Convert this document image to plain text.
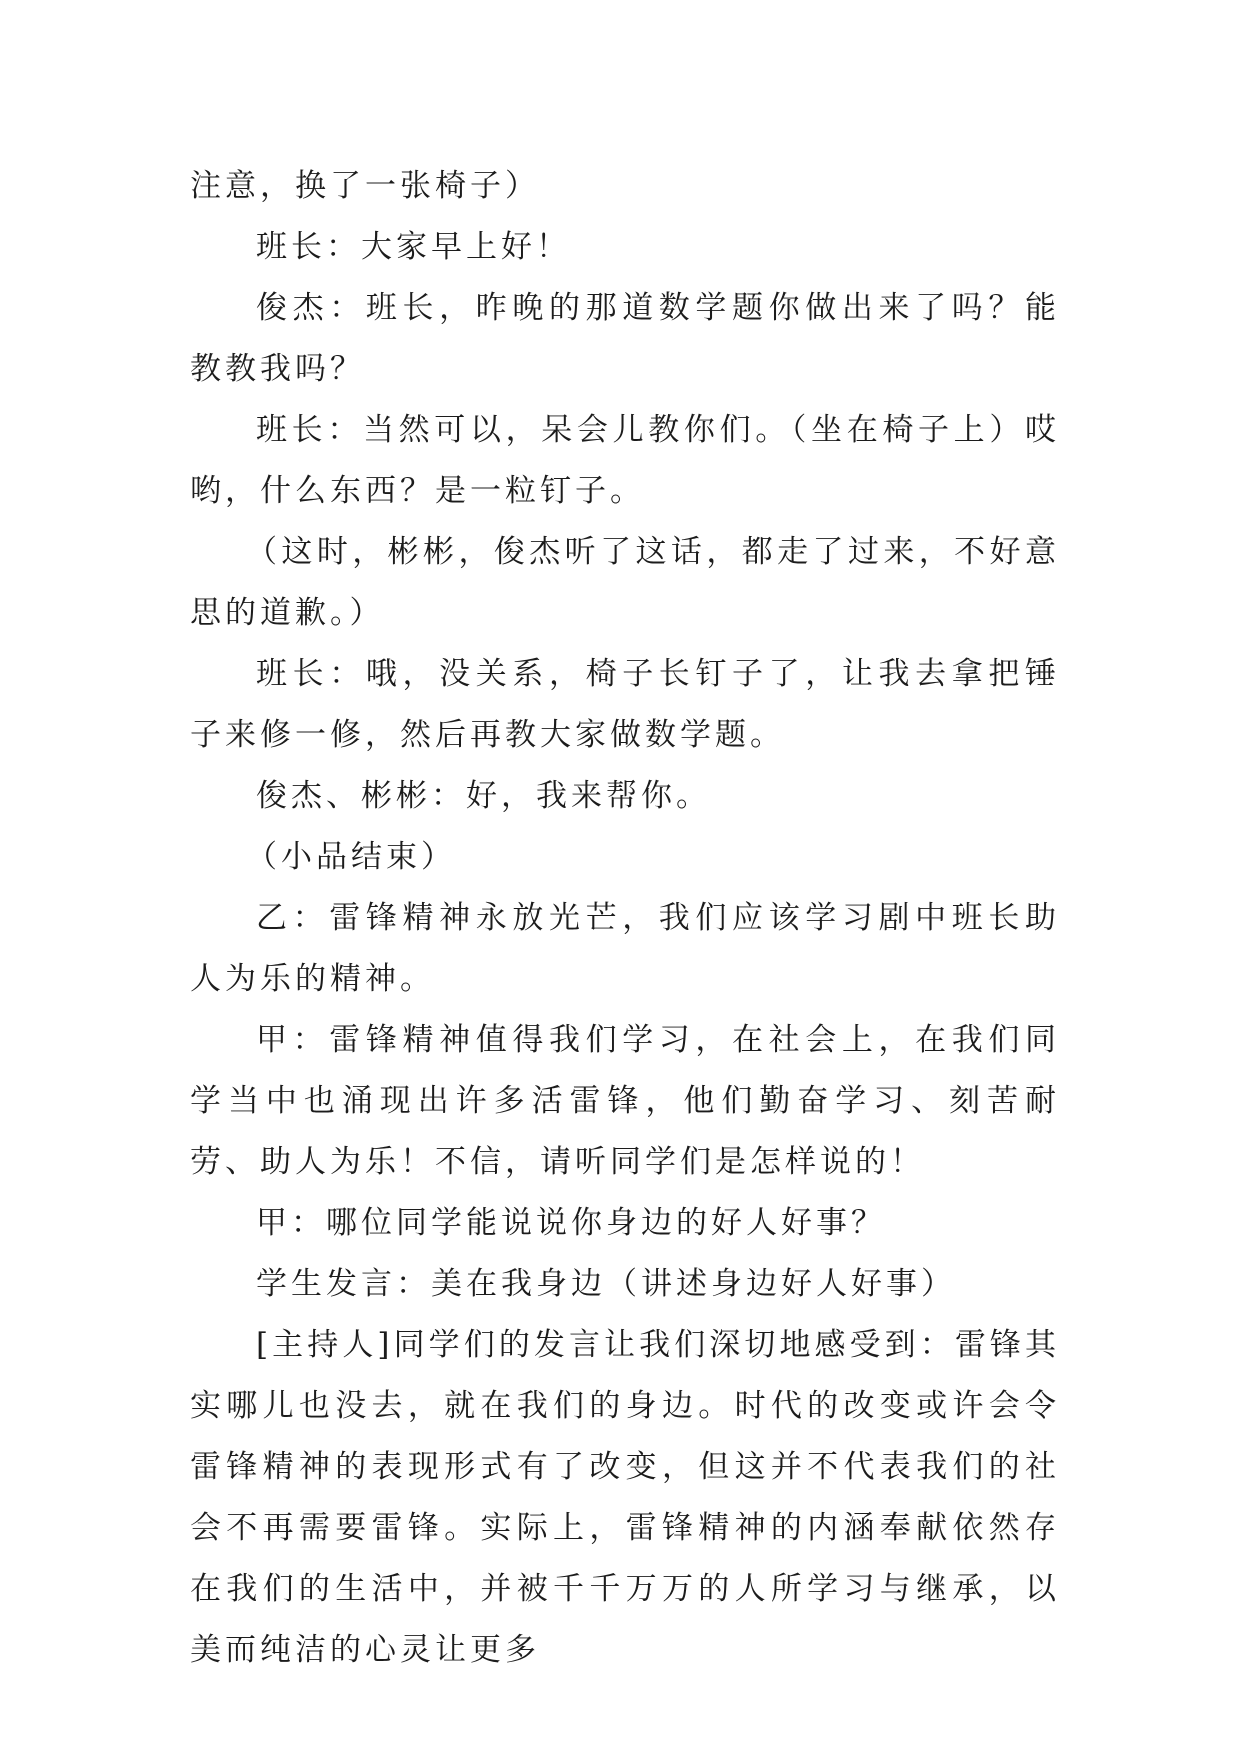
注意，换了一张椅子）

班长：大家早上好！

俊杰：班长，昨晚的那道数学题你做出来了吗？能教教我吗？

班长：当然可以，呆会儿教你们。（坐在椅子上）哎哟，什么东西？是一粒钉子。

（这时，彬彬，俊杰听了这话，都走了过来，不好意思的道歉。）

班长：哦，没关系，椅子长钉子了，让我去拿把锤子来修一修，然后再教大家做数学题。

俊杰、彬彬：好，我来帮你。

（小品结束）

乙：雷锋精神永放光芒，我们应该学习剧中班长助人为乐的精神。

甲：雷锋精神值得我们学习，在社会上，在我们同学当中也涌现出许多活雷锋，他们勤奋学习、刻苦耐劳、助人为乐！不信，请听同学们是怎样说的！

甲：哪位同学能说说你身边的好人好事？

学生发言：美在我身边（讲述身边好人好事）

[主持人]同学们的发言让我们深切地感受到：雷锋其实哪儿也没去，就在我们的身边。时代的改变或许会令雷锋精神的表现形式有了改变，但这并不代表我们的社会不再需要雷锋。实际上，雷锋精神的内涵奉献依然存在我们的生活中，并被千千万万的人所学习与继承，以美而纯洁的心灵让更多
